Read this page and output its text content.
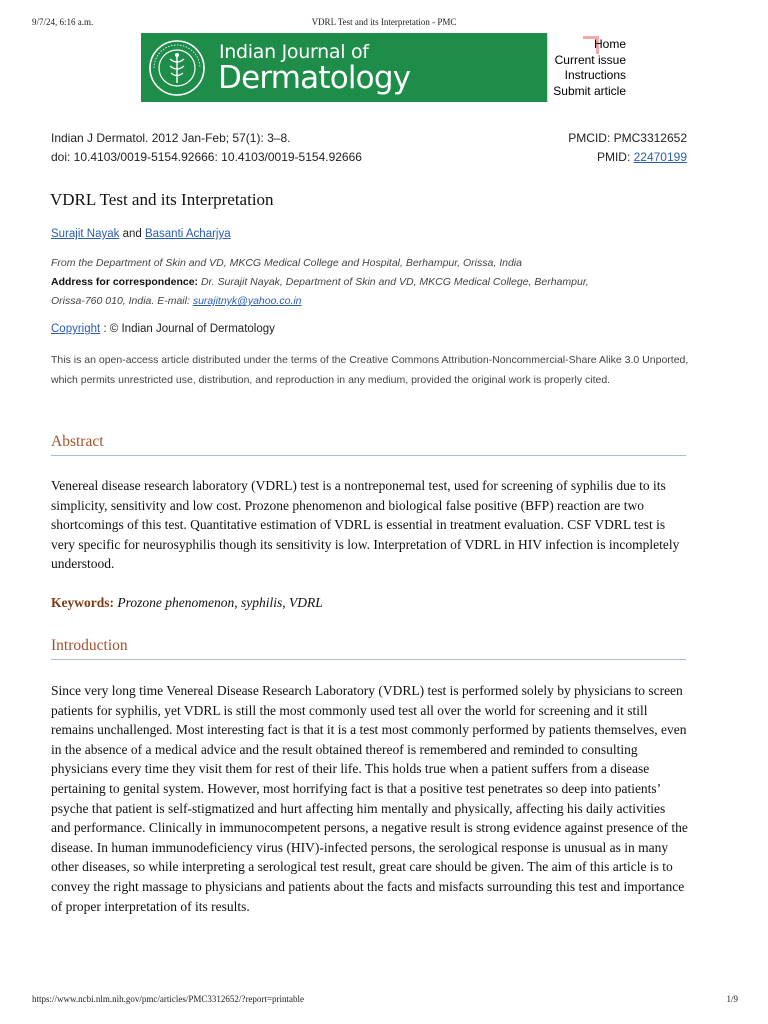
9/7/24, 6:16 a.m.	VDRL Test and its Interpretation - PMC
Indian Journal of
Dermatology
Home
Current issue
Instructions
Submit article
Indian J Dermatol. 2012 Jan-Feb; 57(1): 3–8.	PMCID: PMC3312652
doi: 10.4103/0019-5154.92666: 10.4103/0019-5154.92666	PMID: 22470199
VDRL Test and its Interpretation
Surajit Nayak and Basanti Acharjya
From the Department of Skin and VD, MKCG Medical College and Hospital, Berhampur, Orissa, India
Address for correspondence: Dr. Surajit Nayak, Department of Skin and VD, MKCG Medical College, Berhampur,
Orissa-760 010, India. E-mail: surajitnyk@yahoo.co.in
Copyright : © Indian Journal of Dermatology
This is an open-access article distributed under the terms of the Creative Commons Attribution-Noncommercial-Share Alike 3.0 Unported, which permits unrestricted use, distribution, and reproduction in any medium, provided the original work is properly cited.
Abstract
Venereal disease research laboratory (VDRL) test is a nontreponemal test, used for screening of syphilis due to its simplicity, sensitivity and low cost. Prozone phenomenon and biological false positive (BFP) reaction are two shortcomings of this test. Quantitative estimation of VDRL is essential in treatment evaluation. CSF VDRL test is very specific for neurosyphilis though its sensitivity is low. Interpretation of VDRL in HIV infection is incompletely understood.
Keywords: Prozone phenomenon, syphilis, VDRL
Introduction
Since very long time Venereal Disease Research Laboratory (VDRL) test is performed solely by physicians to screen patients for syphilis, yet VDRL is still the most commonly used test all over the world for screening and it still remains unchallenged. Most interesting fact is that it is a test most commonly performed by patients themselves, even in the absence of a medical advice and the result obtained thereof is remembered and reminded to consulting physicians every time they visit them for rest of their life. This holds true when a patient suffers from a disease pertaining to genital system. However, most horrifying fact is that a positive test penetrates so deep into patients’ psyche that patient is self-stigmatized and hurt affecting him mentally and physically, affecting his daily activities and performance. Clinically in immunocompetent persons, a negative result is strong evidence against presence of the disease. In human immunodeficiency virus (HIV)-infected persons, the serological response is unusual as in many other diseases, so while interpreting a serological test result, great care should be given. The aim of this article is to convey the right massage to physicians and patients about the facts and misfacts surrounding this test and importance of proper interpretation of its results.
https://www.ncbi.nlm.nih.gov/pmc/articles/PMC3312652/?report=printable	1/9
